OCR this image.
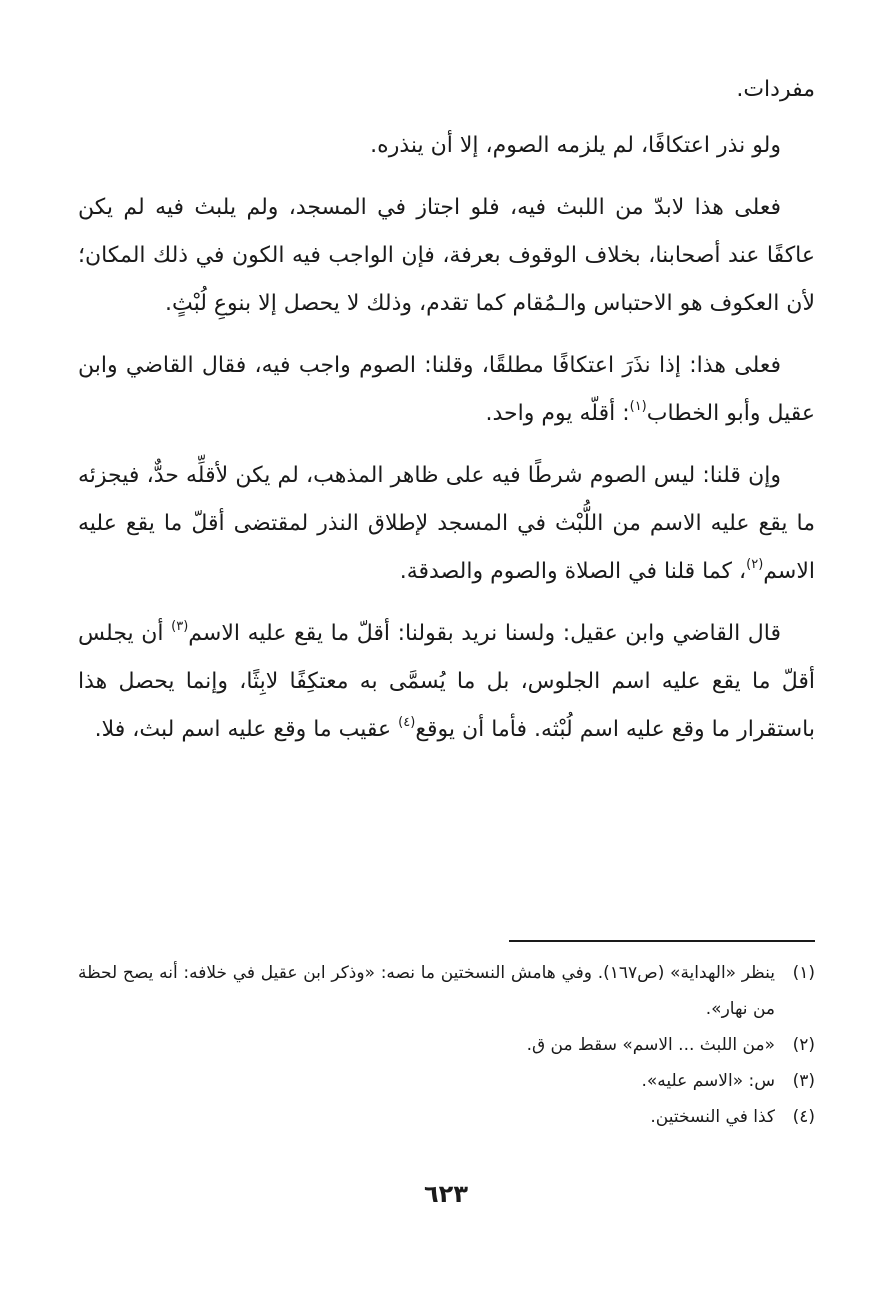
مفردات.

ولو نذر اعتكافًا، لم يلزمه الصوم، إلا أن ينذره.

فعلى هذا لابدّ من اللبث فيه، فلو اجتاز في المسجد، ولم يلبث فيه لم يكن عاكفًا عند أصحابنا، بخلاف الوقوف بعرفة، فإن الواجب فيه الكون في ذلك المكان؛ لأن العكوف هو الاحتباس والـمُقام كما تقدم، وذلك لا يحصل إلا بنوعِ لُبْثٍ.

فعلى هذا: إذا نذَرَ اعتكافًا مطلقًا، وقلنا: الصوم واجب فيه، فقال القاضي وابن عقيل وأبو الخطاب$^{(١)}$: أقلّه يوم واحد.

وإن قلنا: ليس الصوم شرطًا فيه على ظاهر المذهب، لم يكن لأقلِّه حدٌّ، فيجزئه ما يقع عليه الاسم من اللُّبْث في المسجد لإطلاق النذر لمقتضى أقلّ ما يقع عليه الاسم$^{(٢)}$، كما قلنا في الصلاة والصوم والصدقة.

قال القاضي وابن عقيل: ولسنا نريد بقولنا: أقلّ ما يقع عليه الاسم$^{(٣)}$ أن يجلس أقلّ ما يقع عليه اسم الجلوس، بل ما يُسمَّى به معتكِفًا لابِثًا، وإنما يحصل هذا باستقرار ما وقع عليه اسم لُبْثه. فأما أن يوقع$^{(٤)}$ عقيب ما وقع عليه اسم لبث، فلا.

(١)
ينظر «الهداية» (ص١٦٧). وفي هامش النسختين ما نصه: «وذكر ابن عقيل في خلافه: أنه يصح لحظة من نهار».

(٢)
«من اللبث ... الاسم» سقط من ق.

(٣)
س: «الاسم عليه».

(٤)
كذا في النسختين.

٦٢٣
